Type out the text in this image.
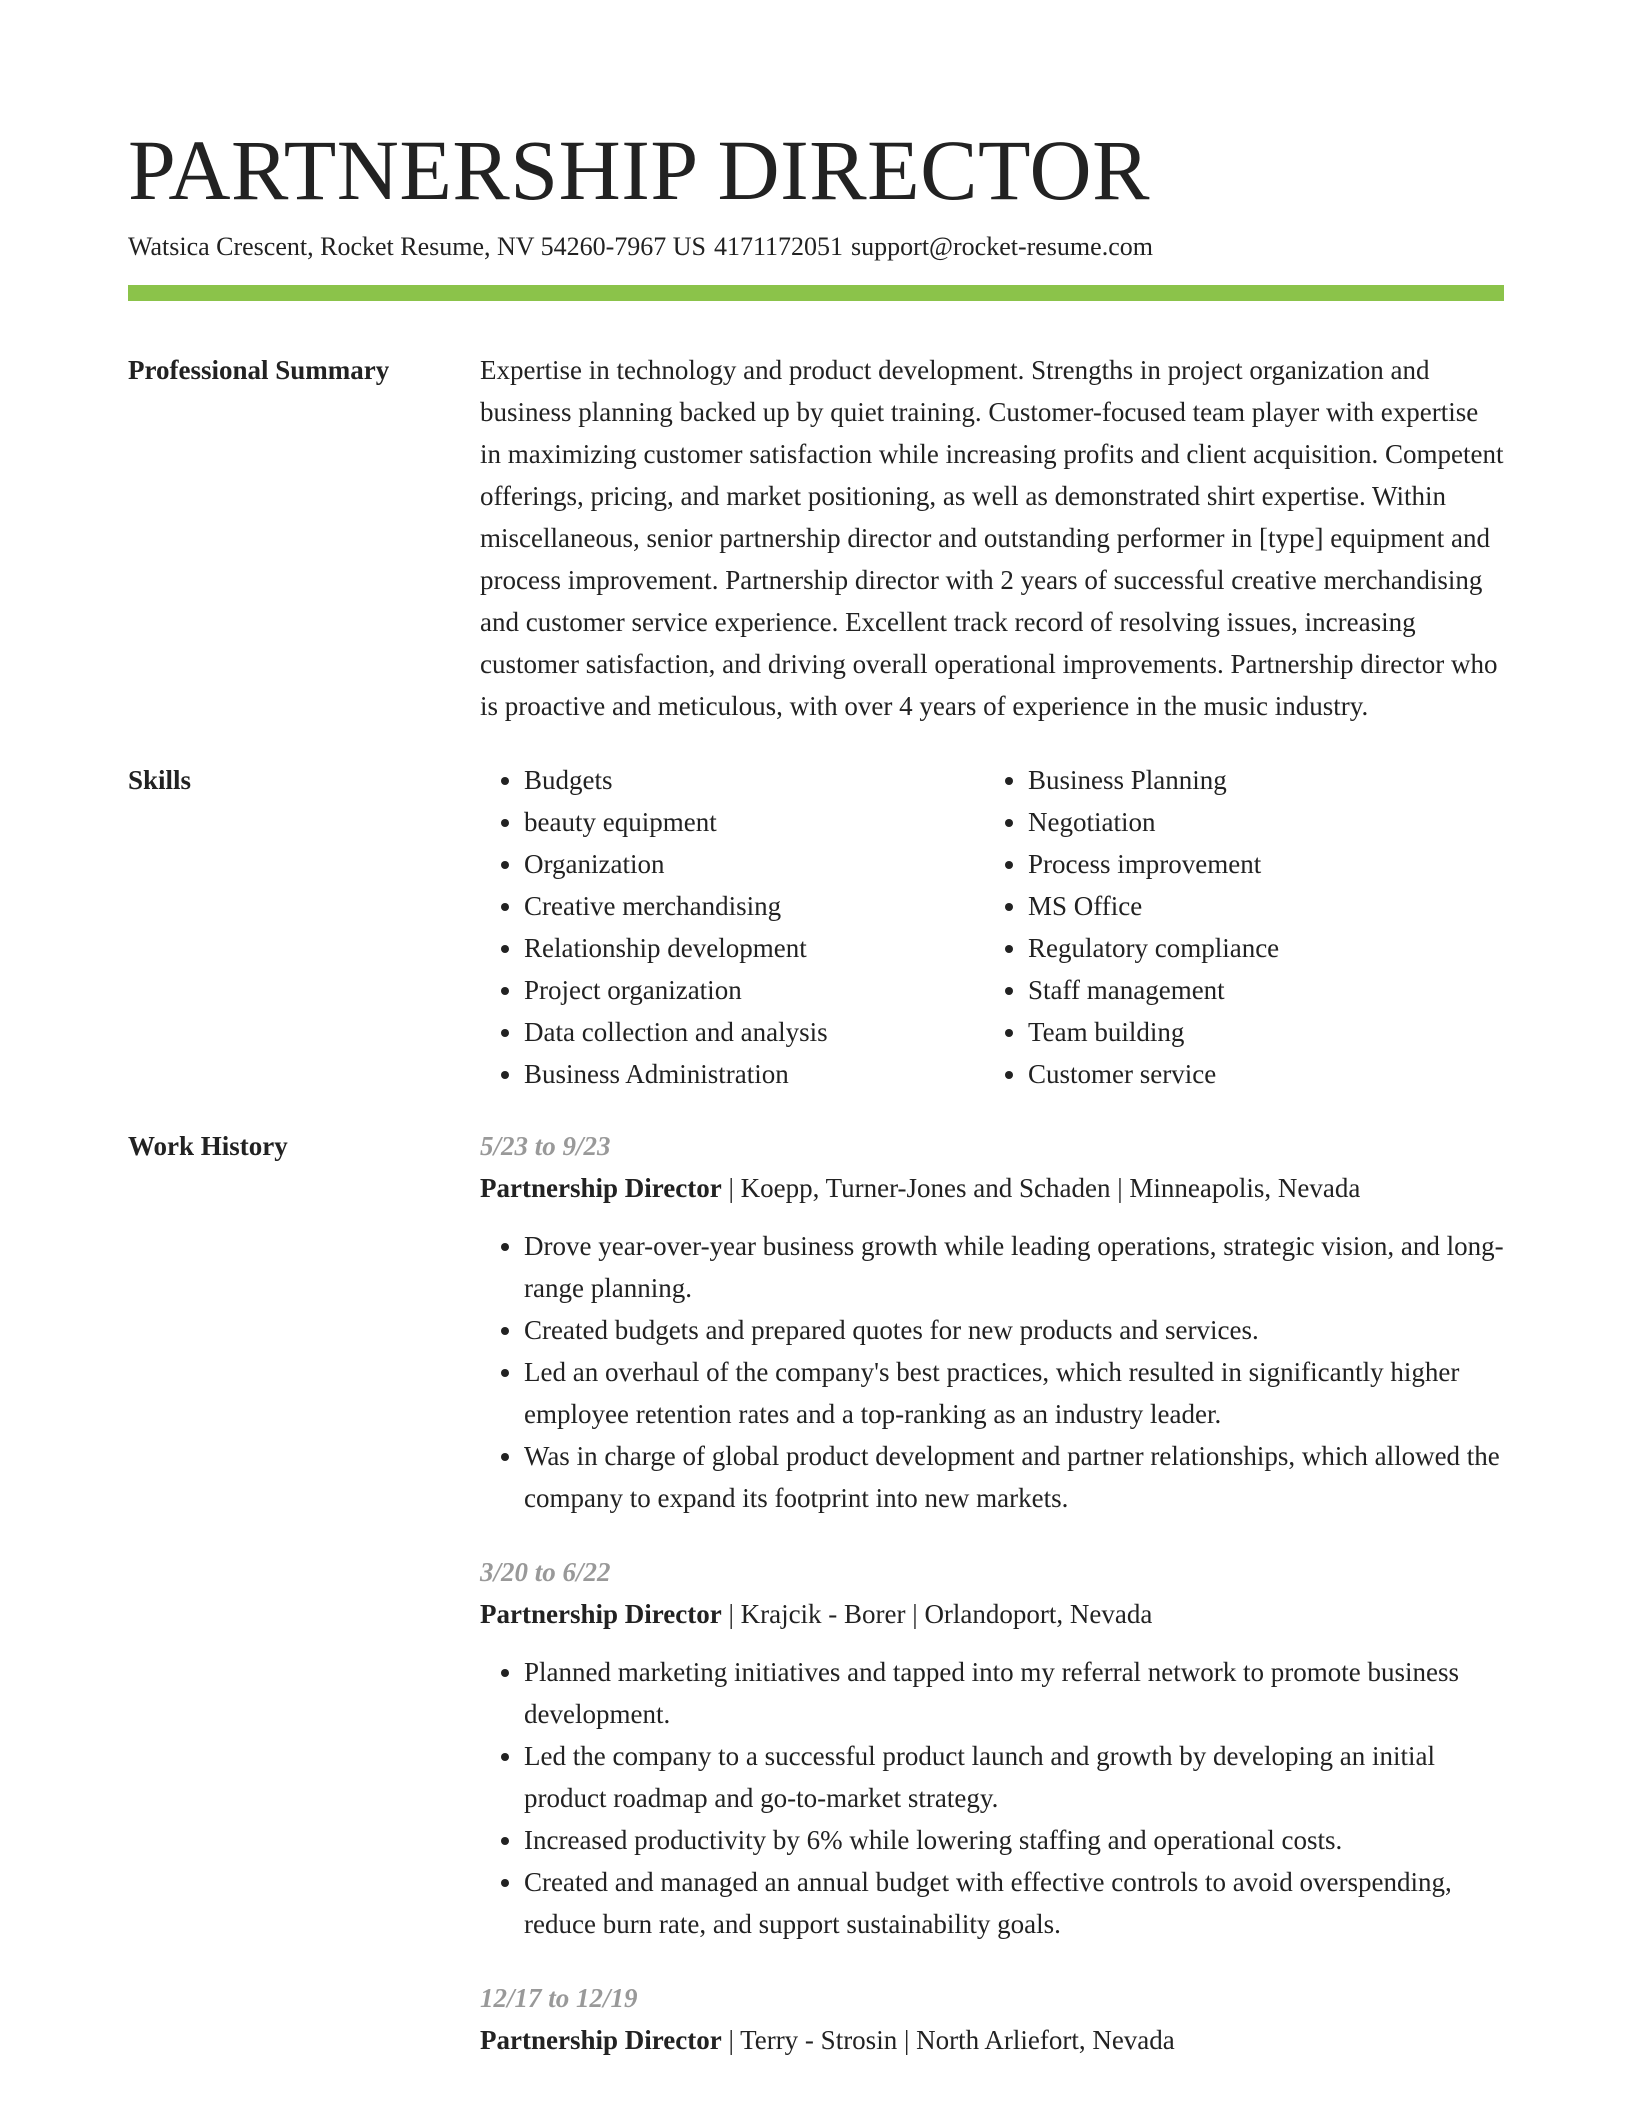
PARTNERSHIP DIRECTOR
Watsica Crescent, Rocket Resume, NV 54260-7967 US 4171172051 support@rocket-resume.com
Professional Summary	Expertise in technology and product development. Strengths in project organization and business planning backed up by quiet training. Customer-focused team player with expertise in maximizing customer satisfaction while increasing profits and client acquisition. Competent offerings, pricing, and market positioning, as well as demonstrated shirt expertise. Within miscellaneous, senior partnership director and outstanding performer in [type] equipment and process improvement. Partnership director with 2 years of successful creative merchandising and customer service experience. Excellent track record of resolving issues, increasing customer satisfaction, and driving overall operational improvements. Partnership director who is proactive and meticulous, with over 4 years of experience in the music industry.

Skills
•	Budgets
• beauty equipment
• Organization
• Creative merchandising
• Relationship development
• Project organization
• Data collection and analysis
• Business Administration
• Business Planning
• Negotiation
• Process improvement
• MS Office
• Regulatory compliance
• Staff management
• Team building
• Customer service
Work History	5/23 to 9/23
Partnership Director | Koepp, Turner-Jones and Schaden | Minneapolis, Nevada
• Drove year-over-year business growth while leading operations, strategic vision, and long-range planning.
• Created budgets and prepared quotes for new products and services.
• Led an overhaul of the company's best practices, which resulted in significantly higher employee retention rates and a top-ranking as an industry leader.
• Was in charge of global product development and partner relationships, which allowed the company to expand its footprint into new markets.
3/20 to 6/22
Partnership Director | Krajcik - Borer | Orlandoport, Nevada
• Planned marketing initiatives and tapped into my referral network to promote business development.
• Led the company to a successful product launch and growth by developing an initial product roadmap and go-to-market strategy.
• Increased productivity by 6% while lowering staffing and operational costs.
• Created and managed an annual budget with effective controls to avoid overspending, reduce burn rate, and support sustainability goals.
12/17 to 12/19
Partnership Director | Terry - Strosin | North Arliefort, Nevada
